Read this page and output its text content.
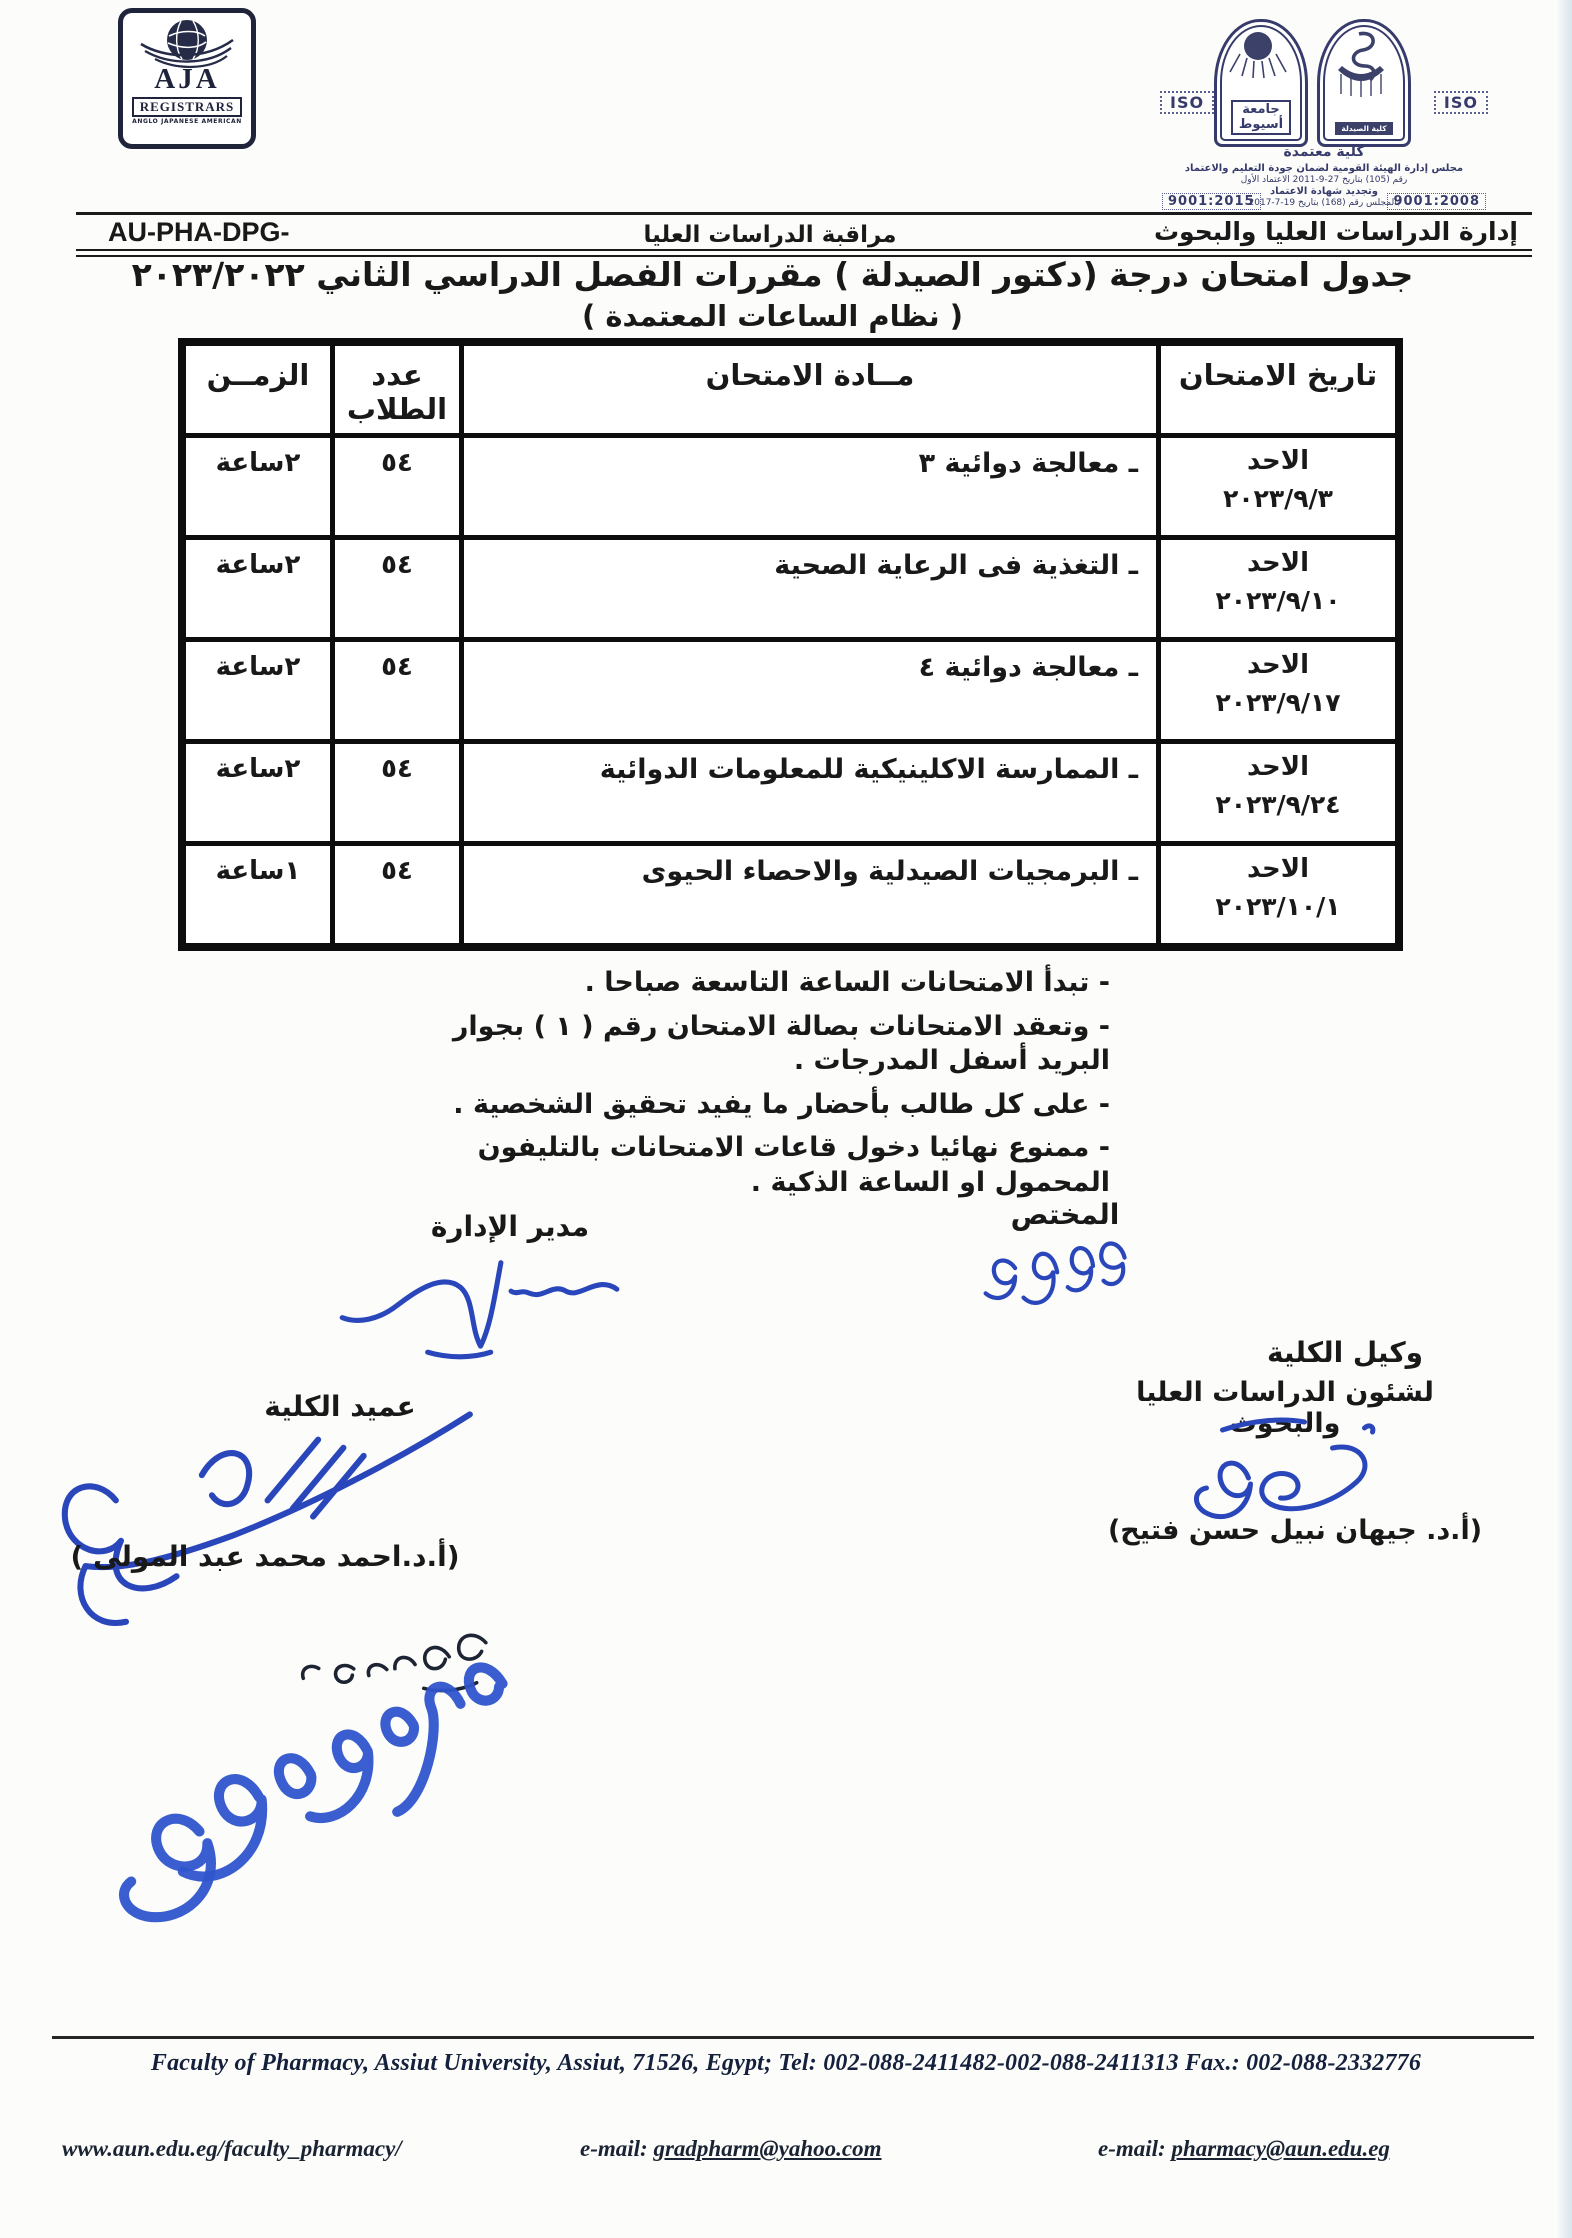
AJA
REGISTRARS
ANGLO JAPANESE AMERICAN
ISO	ISO
جامعة أسيوط	كلية الصيدلة
كلية معتمدة
مجلس إدارة الهيئة القومية لضمان جودة التعليم والاعتماد
رقم (105) بتاريخ 27-9-2011 الاعتماد الأول
وتجديد شهادة الاعتماد
بالمجلس رقم (168) بتاريخ 19-7-2017
9001:2015	9001:2008
AU-PHA-DPG-	مراقبة الدراسات العليا	إدارة الدراسات العليا والبحوث
جدول امتحان درجة (دكتور الصيدلة ) مقررات الفصل الدراسي الثاني ٢٠٢٣/٢٠٢٢
( نظام الساعات المعتمدة )
تاريخ الامتحان	مــادة الامتحان	عدد الطلاب	الزمــن

الاحد
٢٠٢٣/٩/٣	ـ معالجة دوائية ٣	٥٤	٢ساعة

الاحد
٢٠٢٣/٩/١٠	ـ التغذية فى الرعاية الصحية	٥٤	٢ساعة

الاحد
٢٠٢٣/٩/١٧	ـ معالجة دوائية ٤	٥٤	٢ساعة

الاحد
٢٠٢٣/٩/٢٤	ـ الممارسة الاكلينيكية للمعلومات الدوائية	٥٤	٢ساعة

الاحد
٢٠٢٣/١٠/١	ـ البرمجيات الصيدلية والاحصاء الحيوى	٥٤	١ساعة
- تبدأ الامتحانات الساعة التاسعة صباحا .
- وتعقد الامتحانات بصالة الامتحان رقم ( ١ ) بجوار البريد أسفل المدرجات .
- على كل طالب بأحضار ما يفيد تحقيق الشخصية .
- ممنوع نهائيا دخول قاعات الامتحانات بالتليفون المحمول او الساعة الذكية .
المختص
مدير الإدارة
وكيل الكلية
لشئون الدراسات العليا والبحوث
(أ.د. جيهان نبيل حسن فتيح)
عميد الكلية
(أ.د.احمد محمد عبد المولى )
Faculty of Pharmacy, Assiut University, Assiut, 71526, Egypt; Tel: 002-088-2411482-002-088-2411313 Fax.: 002-088-2332776
www.aun.edu.eg/faculty_pharmacy/	e-mail: gradpharm@yahoo.com	e-mail: pharmacy@aun.edu.eg
